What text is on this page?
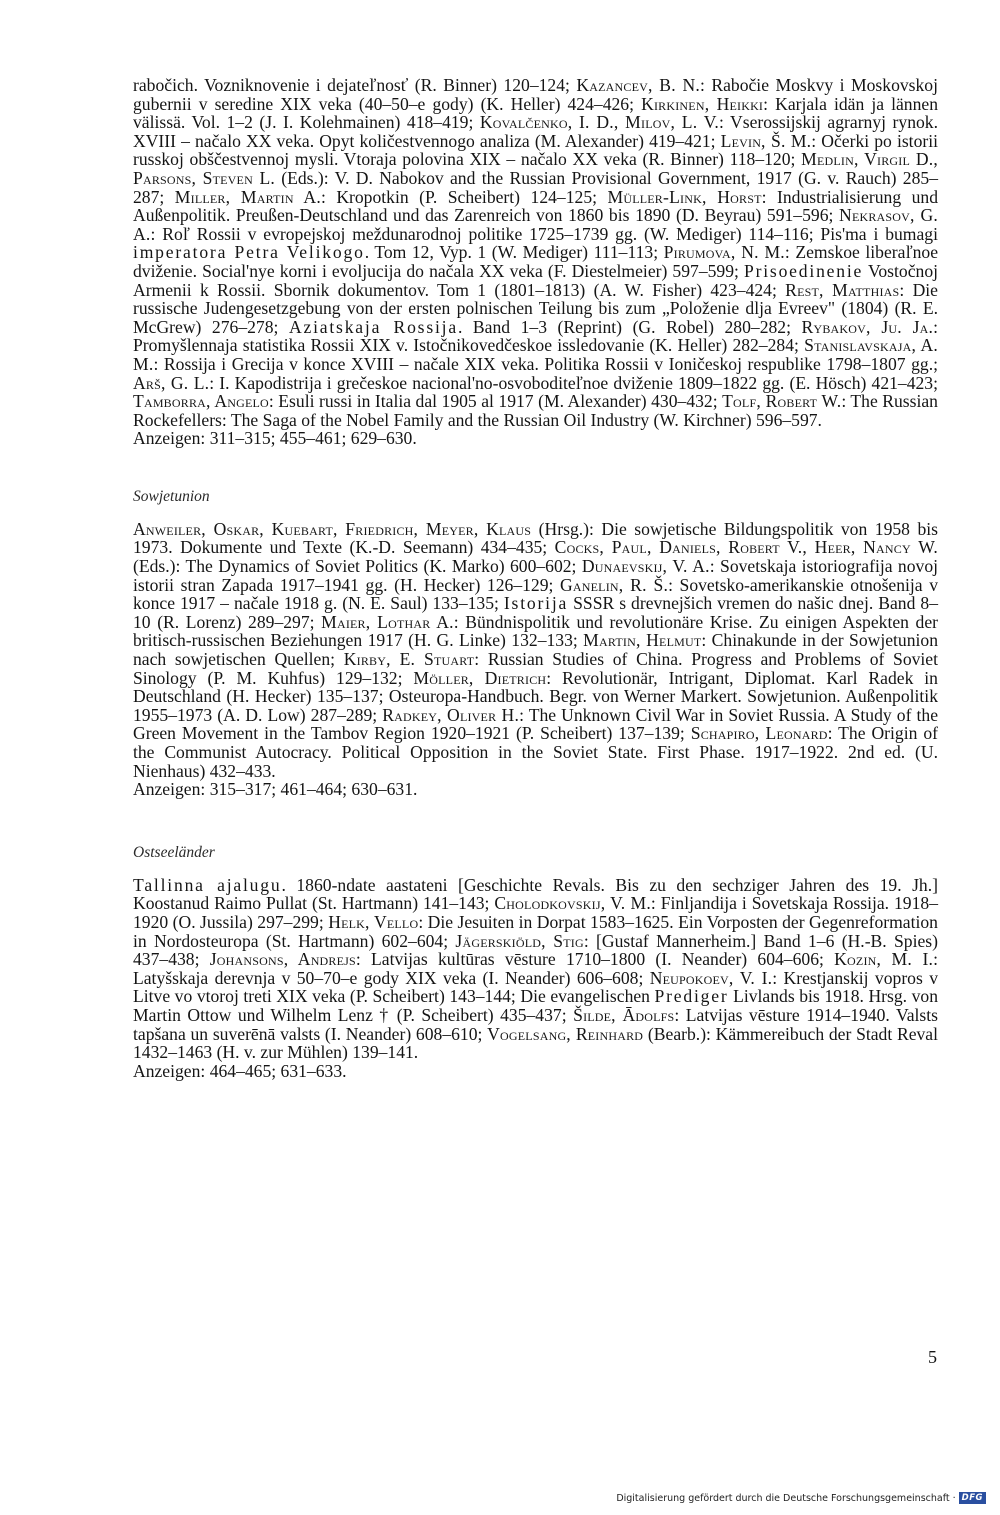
rabočich. Vozniknovenie i dejateľnosť (R. Binner) 120–124; Kazancev, B. N.: Rabočie Moskvy i Moskovskoj gubernii v seredine XIX veka (40–50–e gody) (K. Heller) 424–426; Kirkinen, Heikki: Karjala idän ja lännen välissä. Vol. 1–2 (J. I. Kolehmainen) 418–419; Kovalčenko, I. D., Milov, L. V.: Vserossijskij agrarnyj rynok. XVIII – načalo XX veka. Opyt količestvennogo analiza (M. Alexander) 419–421; Levin, Š. M.: Očerki po istorii russkoj obščestvennoj mysli. Vtoraja polovina XIX – načalo XX veka (R. Binner) 118–120; Medlin, Virgil D., Parsons, Steven L. (Eds.): V. D. Nabokov and the Russian Provisional Government, 1917 (G. v. Rauch) 285–287; Miller, Martin A.: Kropotkin (P. Scheibert) 124–125; Müller-Link, Horst: Industrialisierung und Außenpolitik. Preußen-Deutschland und das Zarenreich von 1860 bis 1890 (D. Beyrau) 591–596; Nekrasov, G. A.: Roľ Rossii v evropejskoj meždunarodnoj politike 1725–1739 gg. (W. Mediger) 114–116; Pis'ma i bumagi imperatora Petra Velikogo. Tom 12, Vyp. 1 (W. Mediger) 111–113; Pirumova, N. M.: Zemskoe liberaľnoe dviženie. Social'nye korni i evoljucija do načala XX veka (F. Diestelmeier) 597–599; Prisoedinenie Vostočnoj Armenii k Rossii. Sbornik dokumentov. Tom 1 (1801–1813) (A. W. Fisher) 423–424; Rest, Matthias: Die russische Judengesetzgebung von der ersten polnischen Teilung bis zum „Položenie dlja Evreev" (1804) (R. E. McGrew) 276–278; Aziatskaja Rossija. Band 1–3 (Reprint) (G. Robel) 280–282; Rybakov, Ju. Ja.: Promyšlennaja statistika Rossii XIX v. Istočnikovedčeskoe issledovanie (K. Heller) 282–284; Stanislavskaja, A. M.: Rossija i Grecija v konce XVIII – načale XIX veka. Politika Rossii v Ioničeskoj respublike 1798–1807 gg.; Arš, G. L.: I. Kapodistrija i grečeskoe nacional'no-osvoboditeľnoe dviženie 1809–1822 gg. (E. Hösch) 421–423; Tamborra, Angelo: Esuli russi in Italia dal 1905 al 1917 (M. Alexander) 430–432; Tolf, Robert W.: The Russian Rockefellers: The Saga of the Nobel Family and the Russian Oil Industry (W. Kirchner) 596–597.

Anzeigen: 311–315; 455–461; 629–630.

Sowjetunion

Anweiler, Oskar, Kuebart, Friedrich, Meyer, Klaus (Hrsg.): Die sowjetische Bildungspolitik von 1958 bis 1973. Dokumente und Texte (K.-D. Seemann) 434–435; Cocks, Paul, Daniels, Robert V., Heer, Nancy W. (Eds.): The Dynamics of Soviet Politics (K. Marko) 600–602; Dunaevskij, V. A.: Sovetskaja istoriografija novoj istorii stran Zapada 1917–1941 gg. (H. Hecker) 126–129; Ganelin, R. Š.: Sovetsko-amerikanskie otnošenija v konce 1917 – načale 1918 g. (N. E. Saul) 133–135; Istorija SSSR s drevnejšich vremen do našic dnej. Band 8–10 (R. Lorenz) 289–297; Maier, Lothar A.: Bündnispolitik und revolutionäre Krise. Zu einigen Aspekten der britisch-russischen Beziehungen 1917 (H. G. Linke) 132–133; Martin, Helmut: Chinakunde in der Sowjetunion nach sowjetischen Quellen; Kirby, E. Stuart: Russian Studies of China. Progress and Problems of Soviet Sinology (P. M. Kuhfus) 129–132; Möller, Dietrich: Revolutionär, Intrigant, Diplomat. Karl Radek in Deutschland (H. Hecker) 135–137; Osteuropa-Handbuch. Begr. von Werner Markert. Sowjetunion. Außenpolitik 1955–1973 (A. D. Low) 287–289; Radkey, Oliver H.: The Unknown Civil War in Soviet Russia. A Study of the Green Movement in the Tambov Region 1920–1921 (P. Scheibert) 137–139; Schapiro, Leonard: The Origin of the Communist Autocracy. Political Opposition in the Soviet State. First Phase. 1917–1922. 2nd ed. (U. Nienhaus) 432–433.

Anzeigen: 315–317; 461–464; 630–631.

Ostseeländer

Tallinna ajalugu. 1860-ndate aastateni [Geschichte Revals. Bis zu den sechziger Jahren des 19. Jh.] Koostanud Raimo Pullat (St. Hartmann) 141–143; Cholodkovskij, V. M.: Finljandija i Sovetskaja Rossija. 1918–1920 (O. Jussila) 297–299; Helk, Vello: Die Jesuiten in Dorpat 1583–1625. Ein Vorposten der Gegenreformation in Nordosteuropa (St. Hartmann) 602–604; Jägerskiöld, Stig: [Gustaf Mannerheim.] Band 1–6 (H.-B. Spies) 437–438; Johansons, Andrejs: Latvijas kultūras vēsture 1710–1800 (I. Neander) 604–606; Kozin, M. I.: Latyšskaja derevnja v 50–70–e gody XIX veka (I. Neander) 606–608; Neupokoev, V. I.: Krestjanskij vopros v Litve vo vtoroj treti XIX veka (P. Scheibert) 143–144; Die evangelischen Prediger Livlands bis 1918. Hrsg. von Martin Ottow und Wilhelm Lenz † (P. Scheibert) 435–437; Šilde, Ādolfs: Latvijas vēsture 1914–1940. Valsts tapšana un suverēnā valsts (I. Neander) 608–610; Vogelsang, Reinhard (Bearb.): Kämmereibuch der Stadt Reval 1432–1463 (H. v. zur Mühlen) 139–141.

Anzeigen: 464–465; 631–633.

5
Digitalisierung gefördert durch die Deutsche Forschungsgemeinschaft · DFG
